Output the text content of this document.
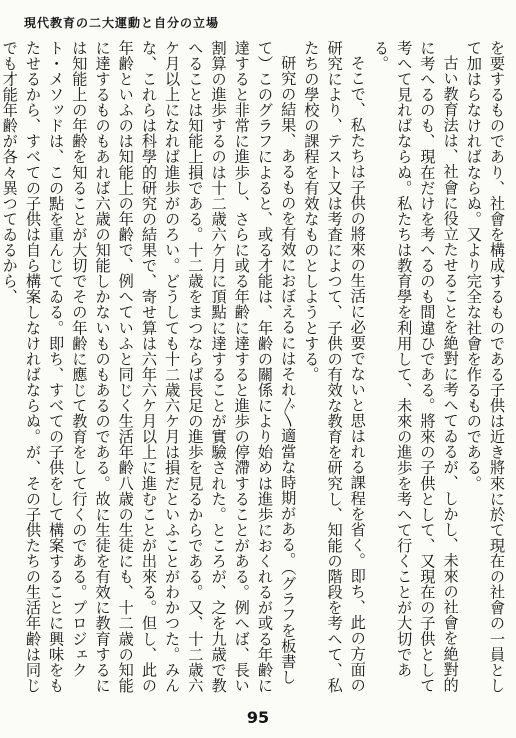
現代教育の二大運動と自分の立場

を要するものであり、社會を構成するものである子供は近き將來に於て現在の社會の一員として加はらなければならぬ。又より完全な社會を作るものである。

古い教育法は、社會に役立たせることを絶對に考へてゐるが、しかし、未來の社會を絶對的に考へるのも、現在だけを考へるのも間違ひである。將來の子供として、又現在の子供として考へて見ればならぬ。私たちは教育學を利用して、未來の進歩を考へて行くことが大切である。

そこで、私たちは子供の將來の生活に必要でないと思はれる課程を省く。即ち、此の方面の研究により、テスト又は考査によつて、子供の有效な教育を研究し、知能の階段を考へて、私たちの學校の課程を有效なものとしようとする。

研究の結果、あるものを有效におぼえるにはそれ〴〵適當な時期がある。（グラフを板書して）このグラフによると、或る才能は、年齢の關係により始めは進歩におくれるが或る年齢に達すると非常に進歩し、さらに或る年齢に達すると進歩の停滯することがある。例へば、長い割算の進歩するのは十二歳六ケ月に頂點に達することが實驗された。ところが、之を九歳で教へることは知能上損である。十二歳をまつならば長足の進歩を見るからである。又、十二歳六ケ月以上になれば進歩がのろい。どうしても十二歳六ケ月は損だといふことがわかつた。みんな、これらは科學的研究の結果で、寄せ算は六年六ケ月以上に進むことが出來る。但し、此の年齢といふのは知能上の年齢で、例へていふと同じく生活年齢八歳の生徒にも、十二歳の知能に達するものもあれば六歳の知能しかないものもあるのである。故に生徒を有效に教育するには知能上の年齢を知ることが大切でその年齢に應じて教育をして行くのである。プロジェクト・メソッドは、この點を重んじてゐる。即ち、すべての子供をして構案することに興味をもたせるから、すべての子供は自ら構案しなければならぬ。が、その子供たちの生活年齢は同じでも才能年齢が各々異つてゐるから、

95
